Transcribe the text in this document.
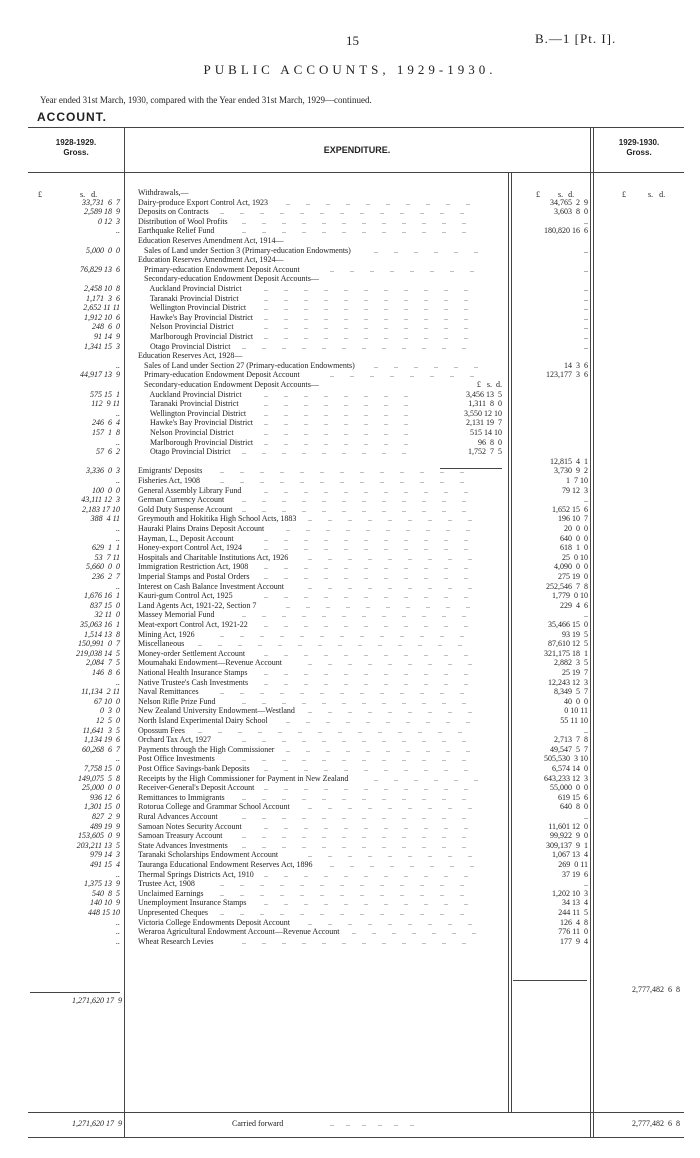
15	B.—1 [Pt. I].
PUBLIC ACCOUNTS, 1929-1930.
Year ended 31st March, 1930, compared with the Year ended 31st March, 1929—continued.
ACCOUNT.
1928-1929.
Gross.	EXPENDITURE.
1929-1930.
Gross.

£	s. d.	£ s. d.	£	s. d.

Withdrawals,—
33,731  6  7 Dairy-produce Export Control Act, 1923	34,765  2  9
..        ..        ..        ..        ..        ..        ..        ..        ..        ..
2,589 18  9 Deposits on Contracts	3,603  8  0
..        ..        ..        ..        ..        ..        ..        ..        ..        ..        ..        ..        ..
0 12  3 Distribution of Wool Profits	..
..        ..        ..        ..        ..        ..        ..        ..        ..        ..        ..        ..
.. Earthquake Relief Fund	180,820 16  6
..        ..        ..        ..        ..        ..        ..        ..        ..        ..        ..        ..
Education Reserves Amendment Act, 1914—
5,000  0  0 Sales of Land under Section 3 (Primary-education Endowments)	..
..        ..        ..        ..        ..        ..
Education Reserves Amendment Act, 1924—
76,829 13  6 Primary-education Endowment Deposit Account	..
..        ..        ..        ..        ..        ..        ..        ..
Secondary-education Endowment Deposit Accounts—
2,458 10  8 Auckland Provincial District	..
..        ..        ..        ..        ..        ..        ..        ..        ..        ..        ..
1,171  3  6 Taranaki Provincial District	..
..        ..        ..        ..        ..        ..        ..        ..        ..        ..        ..
2,652 11 11 Wellington Provincial District	..
..        ..        ..        ..        ..        ..        ..        ..        ..        ..        ..
1,912 10  6 Hawke's Bay Provincial District	..
..        ..        ..        ..        ..        ..        ..        ..        ..        ..        ..
248  6  0 Nelson Provincial District	..
..        ..        ..        ..        ..        ..        ..        ..        ..        ..        ..
91 14  9 Marlborough Provincial District	..
..        ..        ..        ..        ..        ..        ..        ..        ..        ..        ..
1,341 15  3 Otago Provincial District	..
..        ..        ..        ..        ..        ..        ..        ..        ..        ..        ..        ..
Education Reserves Act, 1928—
.. Sales of Land under Section 27 (Primary-education Endowments)	14  3  6
..        ..        ..        ..        ..        ..
44,917 13  9 Primary-education Endowment Deposit Account	123,177  3  6
..        ..        ..        ..        ..        ..        ..        ..
Secondary-education Endowment Deposit Accounts—	£   s.  d.
575 15  1 Auckland Provincial District	3,456 13  5
..        ..        ..        ..        ..        ..        ..        ..
112  9 11 Taranaki Provincial District	1,311  8  0
..        ..        ..        ..        ..        ..        ..        ..
.. Wellington Provincial District	3,550 12 10
..        ..        ..        ..        ..        ..        ..        ..
246  6  4 Hawke's Bay Provincial District	2,131 19  7
..        ..        ..        ..        ..        ..        ..        ..
157  1  8 Nelson Provincial District	515 14 10
..        ..        ..        ..        ..        ..        ..        ..
.. Marlborough Provincial District	96  8  0
..        ..        ..        ..        ..        ..        ..        ..
57  6  2 Otago Provincial District	1,752  7  5
..        ..        ..        ..        ..        ..        ..        ..        ..
12,815  4  1
3,336  0  3 Emigrants' Deposits	3,730  9  2
..        ..        ..        ..        ..        ..        ..        ..        ..        ..        ..        ..        ..
.. Fisheries Act, 1908	1  7 10
..        ..        ..        ..        ..        ..        ..        ..        ..        ..        ..        ..        ..
100  0  0 General Assembly Library Fund	79 12  3
..        ..        ..        ..        ..        ..        ..        ..        ..        ..        ..
43,111 12  3 German Currency Account	..
..        ..        ..        ..        ..        ..        ..        ..        ..        ..        ..        ..
2,183 17 10 Gold Duty Suspense Account	1,652 15  6
..        ..        ..        ..        ..        ..        ..        ..        ..        ..        ..        ..
388  4 11 Greymouth and Hokitika High School Acts, 1883	196 10  7
..        ..        ..        ..        ..        ..        ..        ..        ..
.. Hauraki Plains Drains Deposit Account	20  0  0
..        ..        ..        ..        ..        ..        ..        ..        ..        ..
.. Hayman, L., Deposit Account	640  0  0
..        ..        ..        ..        ..        ..        ..        ..        ..        ..        ..
629  1  1 Honey-export Control Act, 1924	618  1  0
..        ..        ..        ..        ..        ..        ..        ..        ..        ..        ..
53  7 11 Hospitals and Charitable Institutions Act, 1926	25  0 10
..        ..        ..        ..        ..        ..        ..        ..        ..
5,660  0  0 Immigration Restriction Act, 1908	4,090  0  0
..        ..        ..        ..        ..        ..        ..        ..        ..        ..        ..
236  2  7 Imperial Stamps and Postal Orders	275 19  0
..        ..        ..        ..        ..        ..        ..        ..        ..        ..        ..
.. Interest on Cash Balance Investment Account	252,546  7  8
..        ..        ..        ..        ..        ..        ..        ..        ..
1,676 16  1 Kauri-gum Control Act, 1925	1,779  0 10
..        ..        ..        ..        ..        ..        ..        ..        ..        ..        ..
837 15  0 Land Agents Act, 1921-22, Section 7	229  4  6
..        ..        ..        ..        ..        ..        ..        ..        ..        ..
32 11  0 Massey Memorial Fund	..
..        ..        ..        ..        ..        ..        ..        ..        ..        ..        ..        ..
35,063 16  1 Meat-export Control Act, 1921-22	35,466 15  0
..        ..        ..        ..        ..        ..        ..        ..        ..        ..        ..
1,514 13  8 Mining Act, 1926	93 19  5
..        ..        ..        ..        ..        ..        ..        ..        ..        ..        ..        ..        ..
150,991  0  7 Miscellaneous	87,610 12  5
..        ..        ..        ..        ..        ..        ..        ..        ..        ..        ..        ..        ..        ..
219,038 14  5 Money-order Settlement Account	321,175 18  1
..        ..        ..        ..        ..        ..        ..        ..        ..        ..        ..
2,084  7  5 Moumahaki Endowment—Revenue Account	2,882  3  5
..        ..        ..        ..        ..        ..        ..        ..        ..
146  8  6 National Health Insurance Stamps	25 19  7
..        ..        ..        ..        ..        ..        ..        ..        ..        ..        ..
.. Native Trustee's Cash Investments	12,243 12  3
..        ..        ..        ..        ..        ..        ..        ..        ..        ..        ..
11,134  2 11 Naval Remittances	8,349  5  7
..        ..        ..        ..        ..        ..        ..        ..        ..        ..        ..        ..        ..
67 10  0 Nelson Rifle Prize Fund	40  0  0
..        ..        ..        ..        ..        ..        ..        ..        ..        ..        ..        ..
0  3  0 New Zealand University Endowment—Westland	0 10 11
..        ..        ..        ..        ..        ..        ..        ..        ..
12  5  0 North Island Experimental Dairy School	55 11 10
..        ..        ..        ..        ..        ..        ..        ..        ..        ..
11,641  3  5 Opossum Fees	..
..        ..        ..        ..        ..        ..        ..        ..        ..        ..        ..        ..        ..        ..
1,134 19  6 Orchard Tax Act, 1927	2,713  7  8
..        ..        ..        ..        ..        ..        ..        ..        ..        ..        ..        ..
60,268  6  7 Payments through the High Commissioner	49,547  5  7
..        ..        ..        ..        ..        ..        ..        ..        ..        ..
.. Post Office Investments	505,530  3 10
..        ..        ..        ..        ..        ..        ..        ..        ..        ..        ..        ..
7,758 15  0 Post Office Savings-bank Deposits	6,574 14  0
..        ..        ..        ..        ..        ..        ..        ..        ..        ..        ..
149,075  5  8 Receipts by the High Commissioner for Payment in New Zealand	643,233 12  3
..        ..        ..        ..        ..        ..
25,000  0  0 Receiver-General's Deposit Account	55,000  0  0
..        ..        ..        ..        ..        ..        ..        ..        ..        ..        ..
936 12  6 Remittances to Immigrants	619 15  6
..        ..        ..        ..        ..        ..        ..        ..        ..        ..        ..        ..
1,301 15  0 Rotorua College and Grammar School Account	640  8  0
..        ..        ..        ..        ..        ..        ..        ..        ..
827  2  9 Rural Advances Account	..
..        ..        ..        ..        ..        ..        ..        ..        ..        ..        ..        ..
489 19  9 Samoan Notes Security Account	11,601 12  0
..        ..        ..        ..        ..        ..        ..        ..        ..        ..        ..
153,605  0  9 Samoan Treasury Account	99,922  9  0
..        ..        ..        ..        ..        ..        ..        ..        ..        ..        ..        ..
203,211 13  5 State Advances Investments	309,137  9  1
..        ..        ..        ..        ..        ..        ..        ..        ..        ..        ..        ..
979 14  3 Taranaki Scholarships Endowment Account	1,067 13  4
..        ..        ..        ..        ..        ..        ..        ..        ..
491 15  4 Tauranga Educational Endowment Reserves Act, 1896	269  0 11
..        ..        ..        ..        ..        ..        ..        ..
.. Thermal Springs Districts Act, 1910	37 19  6
..        ..        ..        ..        ..        ..        ..        ..        ..        ..        ..
1,375 13  9 Trustee Act, 1908	..
..        ..        ..        ..        ..        ..        ..        ..        ..        ..        ..        ..        ..
540  8  5 Unclaimed Earnings	1,202 10  3
..        ..        ..        ..        ..        ..        ..        ..        ..        ..        ..        ..        ..
140 10  9 Unemployment Insurance Stamps	34 13  4
..        ..        ..        ..        ..        ..        ..        ..        ..        ..        ..
448 15 10 Unpresented Cheques	244 11  5
..        ..        ..        ..        ..        ..        ..        ..        ..        ..        ..        ..        ..
.. Victoria College Endowments Deposit Account	126  4  8
..        ..        ..        ..        ..        ..        ..        ..        ..
.. Weraroa Agricultural Endowment Account—Revenue Account	776 11  0
..        ..        ..        ..        ..        ..        ..
.. Wheat Research Levies	177  9  4
..        ..        ..        ..        ..        ..        ..        ..        ..        ..        ..        ..
1,271,620 17  9
2,777,482  6  8
1,271,620 17  9	Carried forward	..      ..      ..      ..      ..      ..	2,777,482  6  8
